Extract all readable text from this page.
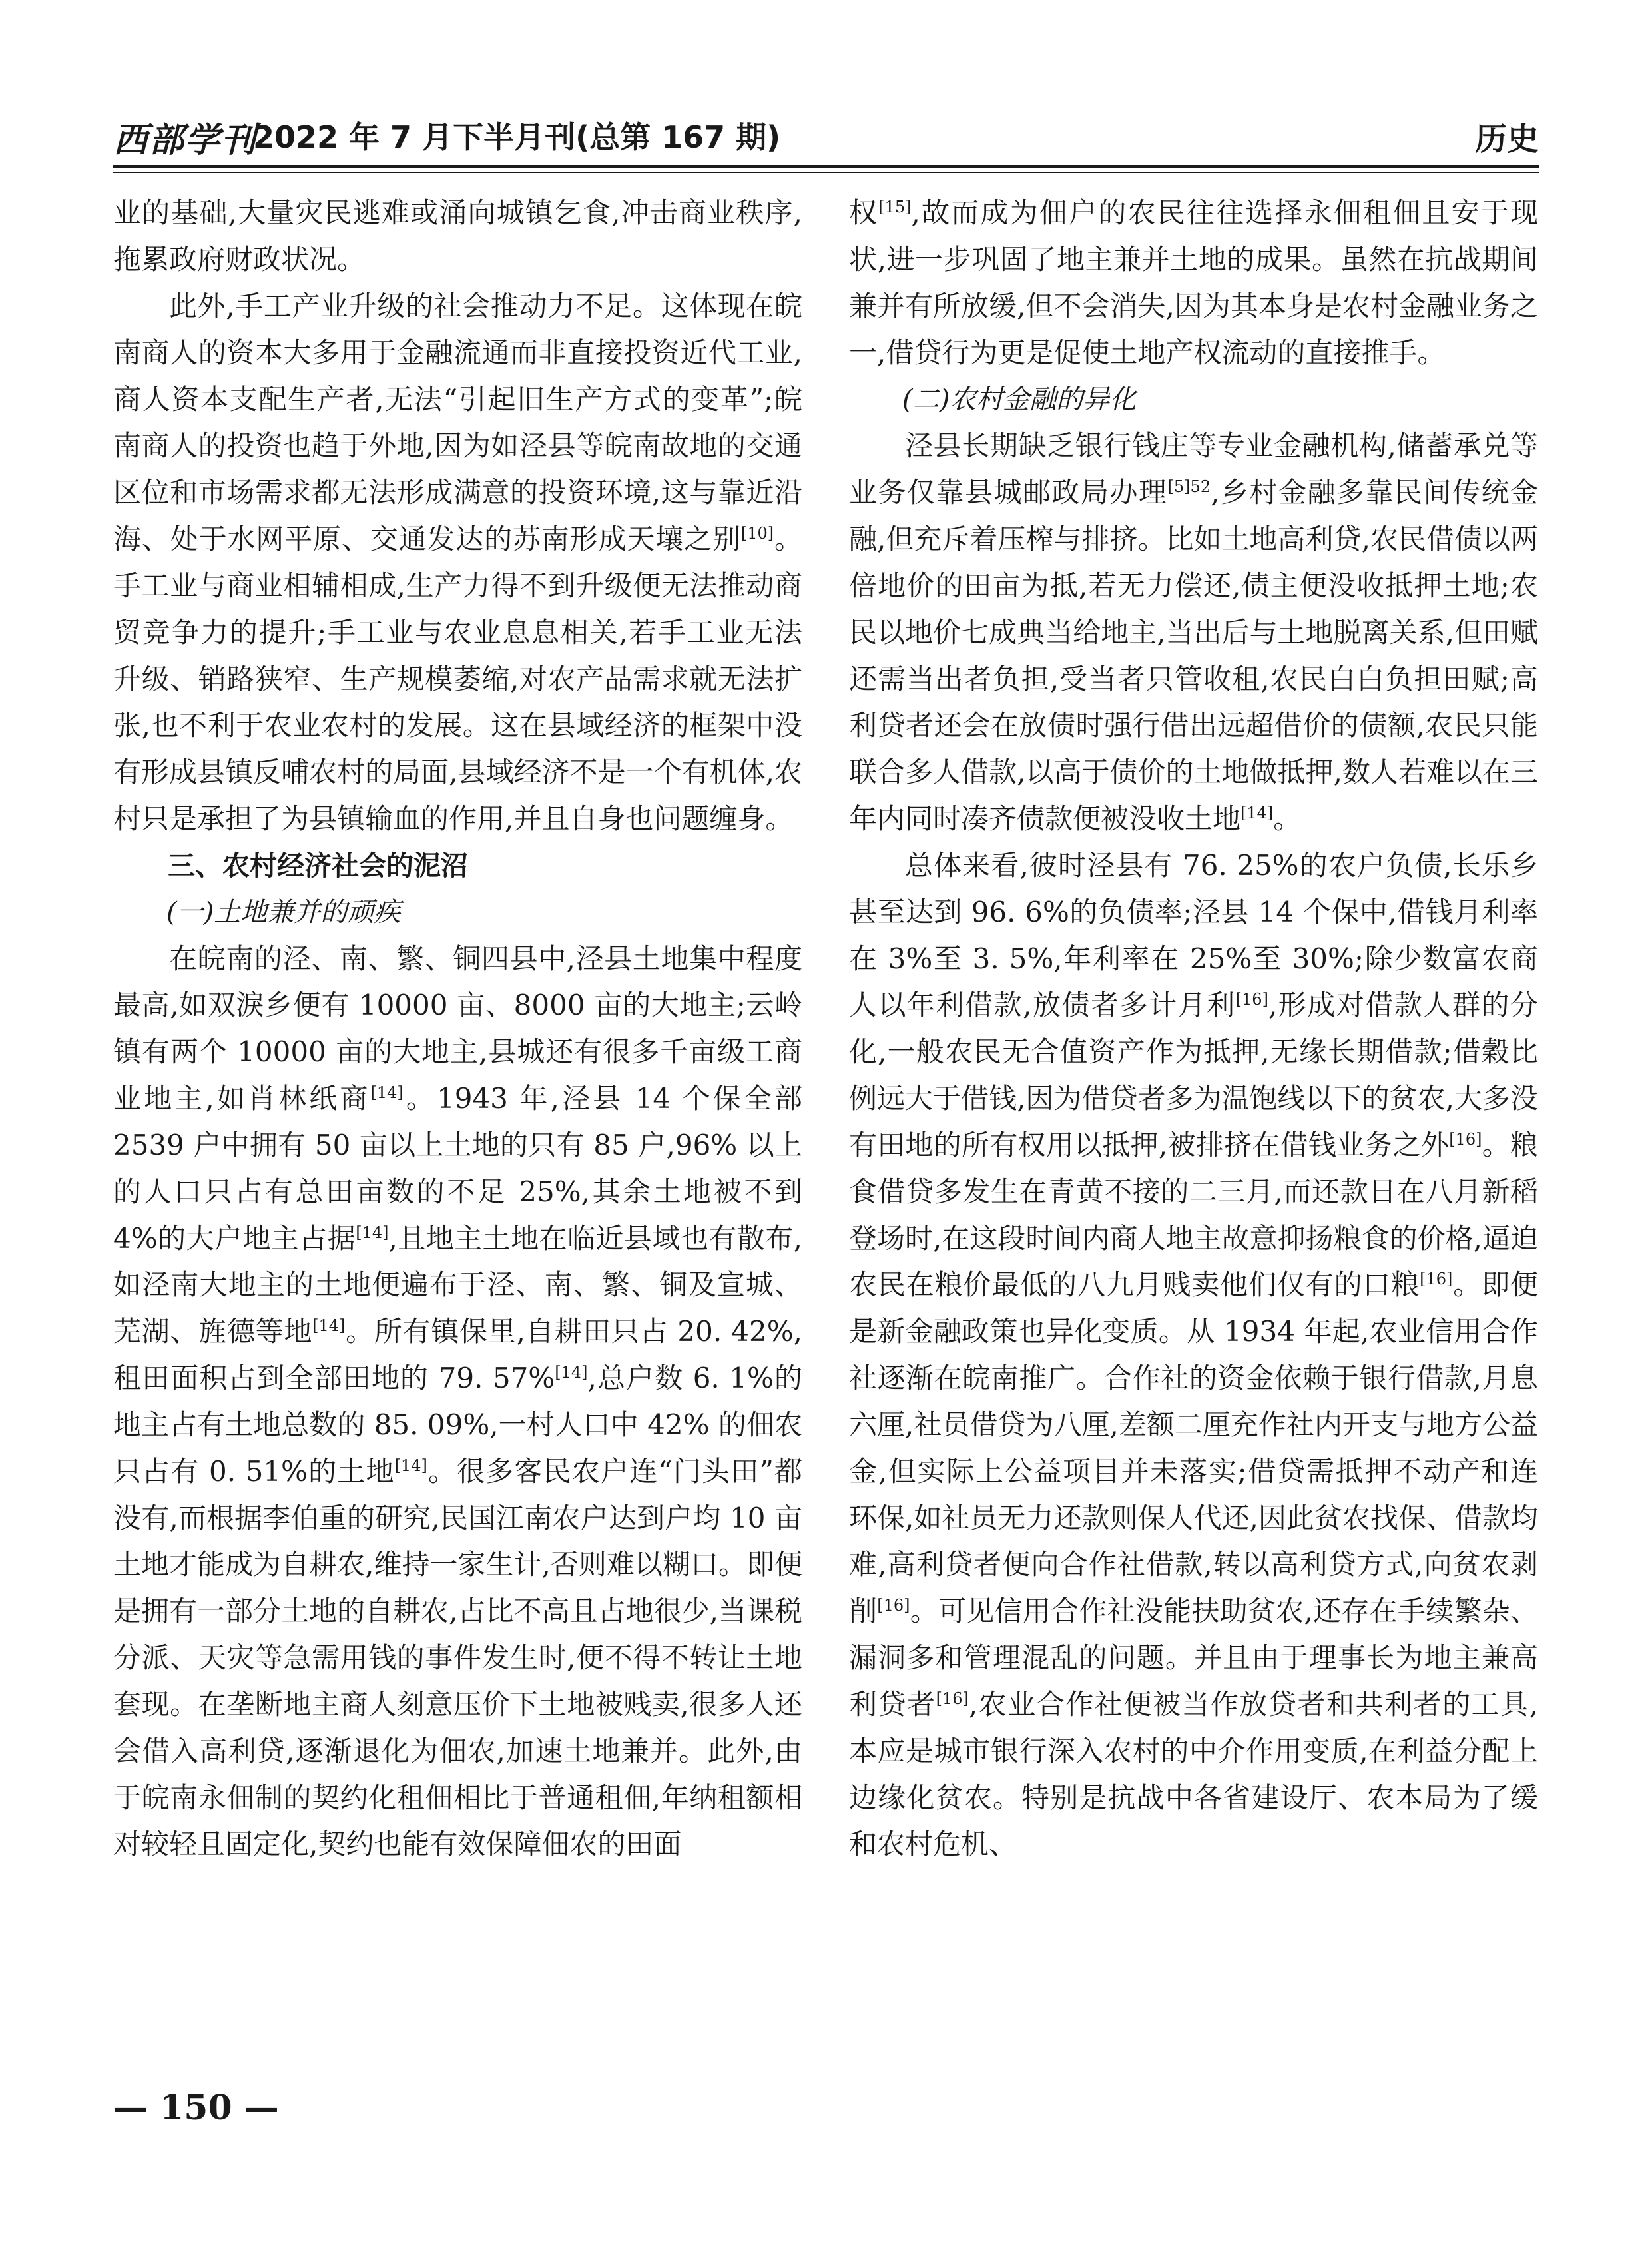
西部学刊
2022 年 7 月下半月刊(总第 167 期)	历史

业的基础,大量灾民逃难或涌向城镇乞食,冲击商业秩序,拖累政府财政状况。

此外,手工产业升级的社会推动力不足。这体现在皖南商人的资本大多用于金融流通而非直接投资近代工业,商人资本支配生产者,无法“引起旧生产方式的变革”;皖南商人的投资也趋于外地,因为如泾县等皖南故地的交通区位和市场需求都无法形成满意的投资环境,这与靠近沿海、处于水网平原、交通发达的苏南形成天壤之别[10]。手工业与商业相辅相成,生产力得不到升级便无法推动商贸竞争力的提升;手工业与农业息息相关,若手工业无法升级、销路狭窄、生产规模萎缩,对农产品需求就无法扩张,也不利于农业农村的发展。这在县域经济的框架中没有形成县镇反哺农村的局面,县域经济不是一个有机体,农村只是承担了为县镇输血的作用,并且自身也问题缠身。

三、农村经济社会的泥沼

(一)土地兼并的顽疾

在皖南的泾、南、繁、铜四县中,泾县土地集中程度最高,如双淚乡便有 10000 亩、8000 亩的大地主;云岭镇有两个 10000 亩的大地主,县城还有很多千亩级工商业地主,如肖林纸商[14]。1943 年,泾县 14 个保全部 2539 户中拥有 50 亩以上土地的只有 85 户,96% 以上的人口只占有总田亩数的不足 25%,其余土地被不到 4%的大户地主占据[14],且地主土地在临近县域也有散布,如泾南大地主的土地便遍布于泾、南、繁、铜及宣城、芜湖、旌德等地[14]。所有镇保里,自耕田只占 20. 42%,租田面积占到全部田地的 79. 57%[14],总户数 6. 1%的地主占有土地总数的 85. 09%,一村人口中 42% 的佃农只占有 0. 51%的土地[14]。很多客民农户连“门头田”都没有,而根据李伯重的研究,民国江南农户达到户均 10 亩土地才能成为自耕农,维持一家生计,否则难以糊口。即便是拥有一部分土地的自耕农,占比不高且占地很少,当课税分派、天灾等急需用钱的事件发生时,便不得不转让土地套现。在垄断地主商人刻意压价下土地被贱卖,很多人还会借入高利贷,逐渐退化为佃农,加速土地兼并。此外,由于皖南永佃制的契约化租佃相比于普通租佃,年纳租额相对较轻且固定化,契约也能有效保障佃农的田面

权[15],故而成为佃户的农民往往选择永佃租佃且安于现状,进一步巩固了地主兼并土地的成果。虽然在抗战期间兼并有所放缓,但不会消失,因为其本身是农村金融业务之一,借贷行为更是促使土地产权流动的直接推手。

(二)农村金融的异化

泾县长期缺乏银行钱庄等专业金融机构,储蓄承兑等业务仅靠县城邮政局办理$^{[5]52}$,乡村金融多靠民间传统金融,但充斥着压榨与排挤。比如土地高利贷,农民借债以两倍地价的田亩为抵,若无力偿还,债主便没收抵押土地;农民以地价七成典当给地主,当出后与土地脱离关系,但田赋还需当出者负担,受当者只管收租,农民白白负担田赋;高利贷者还会在放债时强行借出远超借价的债额,农民只能联合多人借款,以高于债价的土地做抵押,数人若难以在三年内同时凑齐债款便被没收土地[14]。

总体来看,彼时泾县有 76. 25%的农户负债,长乐乡甚至达到 96. 6%的负债率;泾县 14 个保中,借钱月利率在 3%至 3. 5%,年利率在 25%至 30%;除少数富农商人以年利借款,放债者多计月利[16],形成对借款人群的分化,一般农民无合值资产作为抵押,无缘长期借款;借穀比例远大于借钱,因为借贷者多为温饱线以下的贫农,大多没有田地的所有权用以抵押,被排挤在借钱业务之外[16]。粮食借贷多发生在青黄不接的二三月,而还款日在八月新稻登场时,在这段时间内商人地主故意抑扬粮食的价格,逼迫农民在粮价最低的八九月贱卖他们仅有的口粮[16]。即便是新金融政策也异化变质。从 1934 年起,农业信用合作社逐渐在皖南推广。合作社的资金依赖于银行借款,月息六厘,社员借贷为八厘,差额二厘充作社内开支与地方公益金,但实际上公益项目并未落实;借贷需抵押不动产和连环保,如社员无力还款则保人代还,因此贫农找保、借款均难,高利贷者便向合作社借款,转以高利贷方式,向贫农剥削[16]。可见信用合作社没能扶助贫农,还存在手续繁杂、漏洞多和管理混乱的问题。并且由于理事长为地主兼高利贷者[16],农业合作社便被当作放贷者和共利者的工具,本应是城市银行深入农村的中介作用变质,在利益分配上边缘化贫农。特别是抗战中各省建设厅、农本局为了缓和农村危机、

— 150 —
